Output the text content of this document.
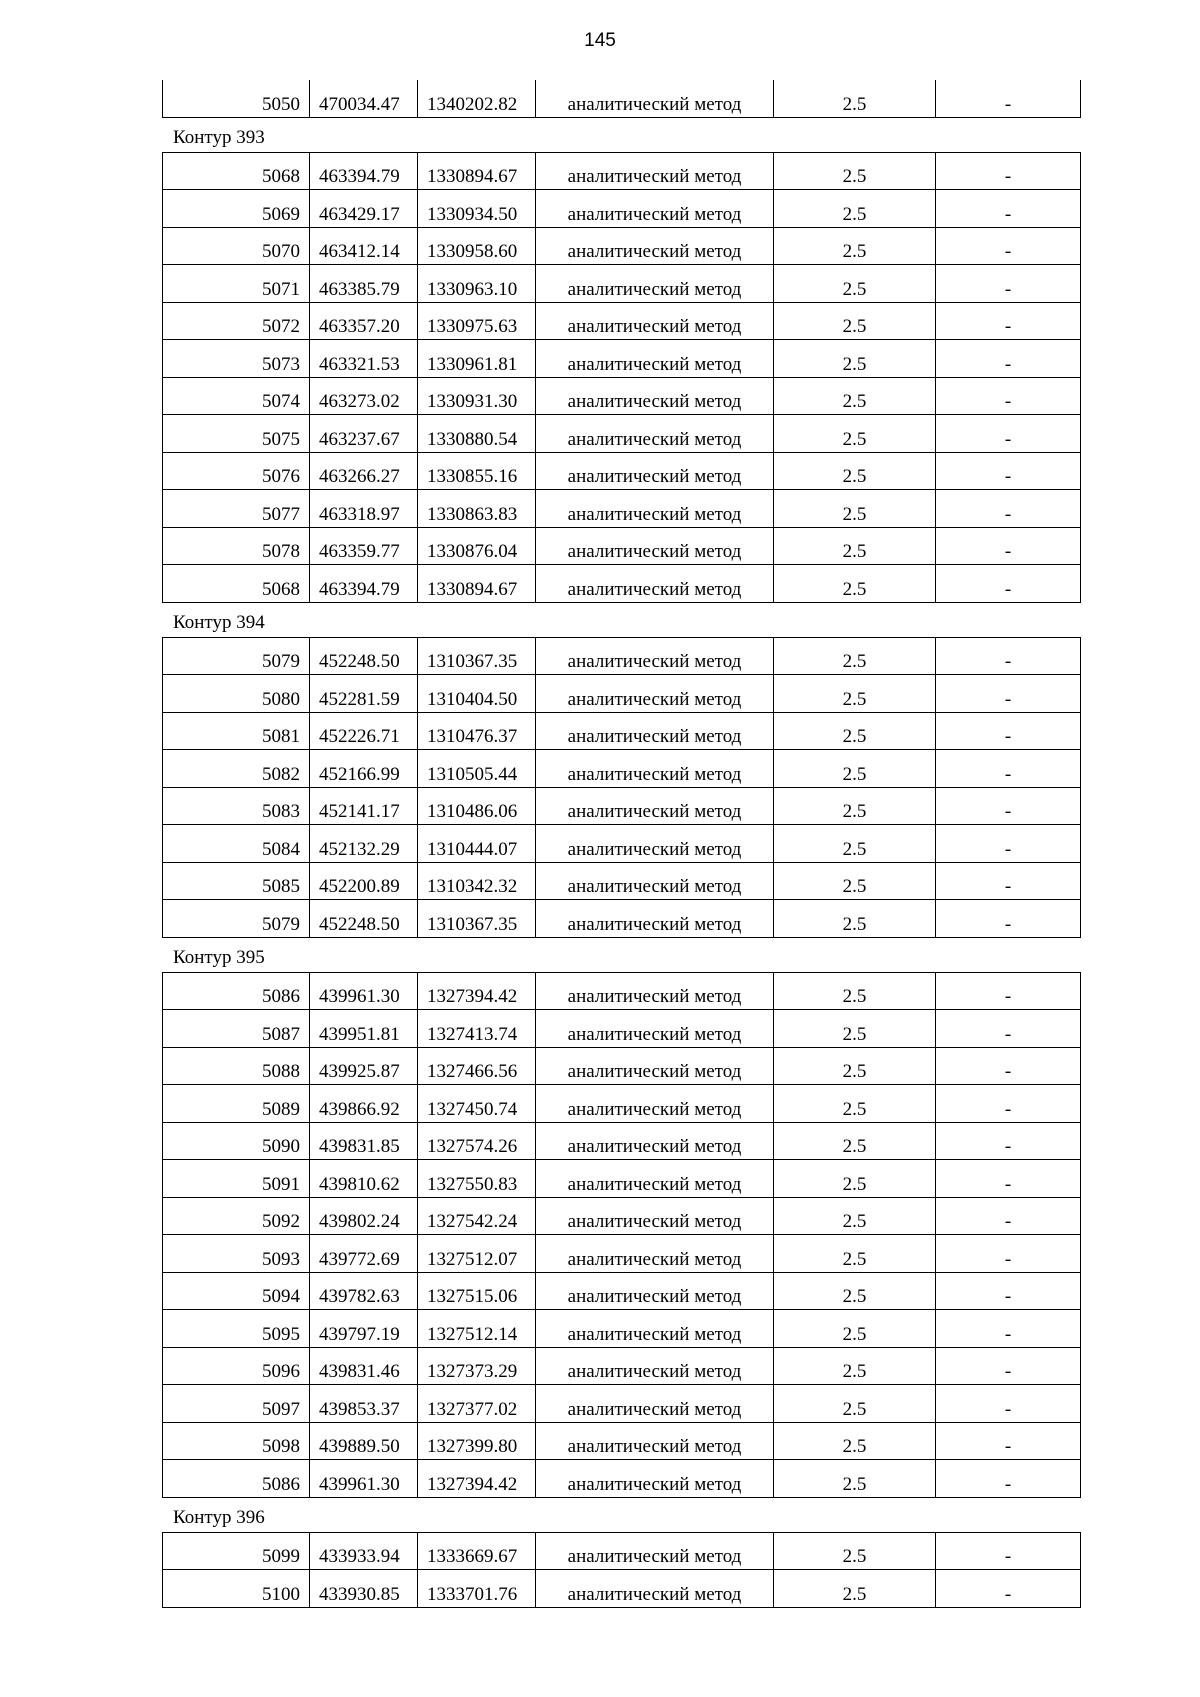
145
5050	470034.47	1340202.82	аналитический метод	2.5	-
Контур 393
5068	463394.79	1330894.67	аналитический метод	2.5	-
5069	463429.17	1330934.50	аналитический метод	2.5	-
5070	463412.14	1330958.60	аналитический метод	2.5	-
5071	463385.79	1330963.10	аналитический метод	2.5	-
5072	463357.20	1330975.63	аналитический метод	2.5	-
5073	463321.53	1330961.81	аналитический метод	2.5	-
5074	463273.02	1330931.30	аналитический метод	2.5	-
5075	463237.67	1330880.54	аналитический метод	2.5	-
5076	463266.27	1330855.16	аналитический метод	2.5	-
5077	463318.97	1330863.83	аналитический метод	2.5	-
5078	463359.77	1330876.04	аналитический метод	2.5	-
5068	463394.79	1330894.67	аналитический метод	2.5	-
Контур 394
5079	452248.50	1310367.35	аналитический метод	2.5	-
5080	452281.59	1310404.50	аналитический метод	2.5	-
5081	452226.71	1310476.37	аналитический метод	2.5	-
5082	452166.99	1310505.44	аналитический метод	2.5	-
5083	452141.17	1310486.06	аналитический метод	2.5	-
5084	452132.29	1310444.07	аналитический метод	2.5	-
5085	452200.89	1310342.32	аналитический метод	2.5	-
5079	452248.50	1310367.35	аналитический метод	2.5	-
Контур 395
5086	439961.30	1327394.42	аналитический метод	2.5	-
5087	439951.81	1327413.74	аналитический метод	2.5	-
5088	439925.87	1327466.56	аналитический метод	2.5	-
5089	439866.92	1327450.74	аналитический метод	2.5	-
5090	439831.85	1327574.26	аналитический метод	2.5	-
5091	439810.62	1327550.83	аналитический метод	2.5	-
5092	439802.24	1327542.24	аналитический метод	2.5	-
5093	439772.69	1327512.07	аналитический метод	2.5	-
5094	439782.63	1327515.06	аналитический метод	2.5	-
5095	439797.19	1327512.14	аналитический метод	2.5	-
5096	439831.46	1327373.29	аналитический метод	2.5	-
5097	439853.37	1327377.02	аналитический метод	2.5	-
5098	439889.50	1327399.80	аналитический метод	2.5	-
5086	439961.30	1327394.42	аналитический метод	2.5	-
Контур 396
5099	433933.94	1333669.67	аналитический метод	2.5	-
5100	433930.85	1333701.76	аналитический метод	2.5	-
